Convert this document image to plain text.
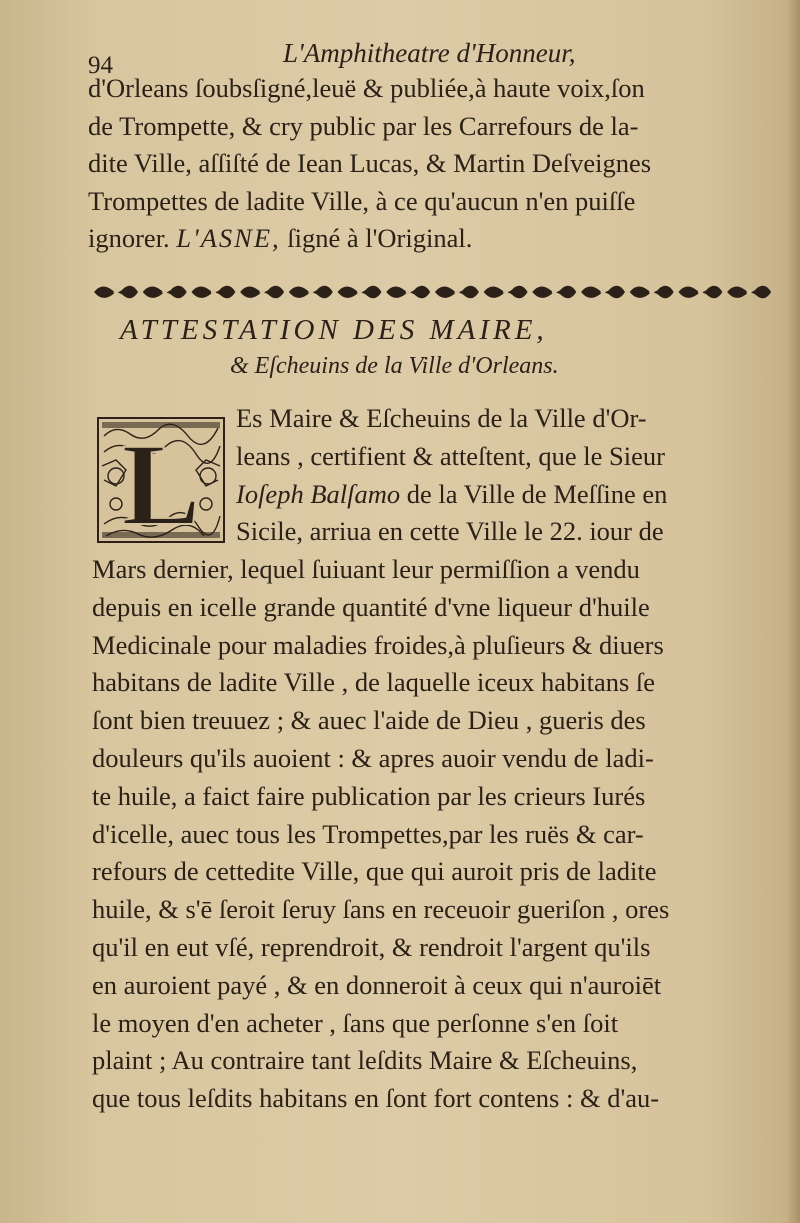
94	L'Amphitheatre d'Honneur,
d'Orleans ſoubsſigné,leuë & publiée,à haute voix,ſon
de Trompette, & cry public par les Carrefours de la-
dite Ville, aſſiſté de Iean Lucas, & Martin Deſveignes
Trompettes de ladite Ville, à ce qu'aucun n'en puiſſe
ignorer. L'ASNE, ſigné à l'Original.
ATTESTATION DES MAIRE,
& Eſcheuins de la Ville d'Orleans.
L
Es Maire & Eſcheuins de la Ville d'Or-
leans , certifient & atteſtent, que le Sieur
Ioſeph Balſamo de la Ville de Meſſine en
Sicile, arriua en cette Ville le 22. iour de
Mars dernier, lequel ſuiuant leur permiſſion a vendu
depuis en icelle grande quantité d'vne liqueur d'huile
Medicinale pour maladies froides,à pluſieurs & diuers
habitans de ladite Ville , de laquelle iceux habitans ſe
ſont bien treuuez ; & auec l'aide de Dieu , gueris des
douleurs qu'ils auoient : & apres auoir vendu de ladi-
te huile, a faict faire publication par les crieurs Iurés
d'icelle, auec tous les Trompettes,par les ruës & car-
refours de cettedite Ville, que qui auroit pris de ladite
huile, & s'ē ſeroit ſeruy ſans en receuoir gueriſon , ores
qu'il en eut vſé, reprendroit, & rendroit l'argent qu'ils
en auroient payé , & en donneroit à ceux qui n'auroiēt
le moyen d'en acheter , ſans que perſonne s'en ſoit
plaint ; Au contraire tant leſdits Maire & Eſcheuins,
que tous leſdits habitans en ſont fort contens : & d'au-
